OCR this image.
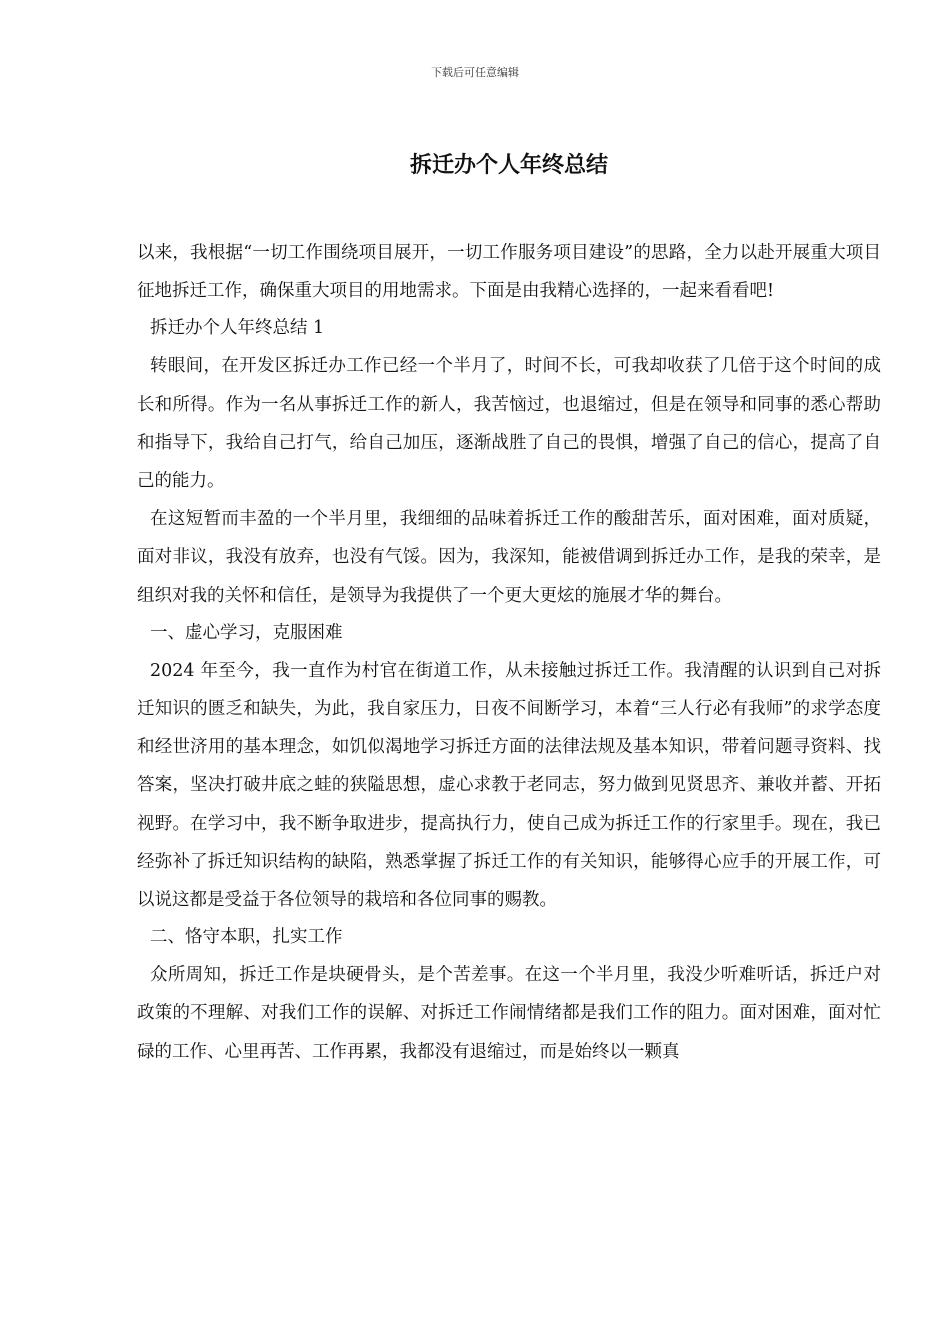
下载后可任意编辑
拆迁办个人年终总结

以来，我根据“一切工作围绕项目展开，一切工作服务项目建设”的思路，全力以赴开展重大项目征地拆迁工作，确保重大项目的用地需求。下面是由我精心选择的，一起来看看吧!

拆迁办个人年终总结 1

转眼间，在开发区拆迁办工作已经一个半月了，时间不长，可我却收获了几倍于这个时间的成长和所得。作为一名从事拆迁工作的新人，我苦恼过，也退缩过，但是在领导和同事的悉心帮助和指导下，我给自己打气，给自己加压，逐渐战胜了自己的畏惧，增强了自己的信心，提高了自己的能力。

在这短暂而丰盈的一个半月里，我细细的品味着拆迁工作的酸甜苦乐，面对困难，面对质疑，面对非议，我没有放弃，也没有气馁。因为，我深知，能被借调到拆迁办工作，是我的荣幸，是组织对我的关怀和信任，是领导为我提供了一个更大更炫的施展才华的舞台。

一、虚心学习，克服困难

2024 年至今，我一直作为村官在街道工作，从未接触过拆迁工作。我清醒的认识到自己对拆迁知识的匮乏和缺失，为此，我自家压力，日夜不间断学习，本着“三人行必有我师”的求学态度和经世济用的基本理念，如饥似渴地学习拆迁方面的法律法规及基本知识，带着问题寻资料、找答案，坚决打破井底之蛙的狭隘思想，虚心求教于老同志，努力做到见贤思齐、兼收并蓄、开拓视野。在学习中，我不断争取进步，提高执行力，使自己成为拆迁工作的行家里手。现在，我已经弥补了拆迁知识结构的缺陷，熟悉掌握了拆迁工作的有关知识，能够得心应手的开展工作，可以说这都是受益于各位领导的栽培和各位同事的赐教。

二、恪守本职，扎实工作

众所周知，拆迁工作是块硬骨头，是个苦差事。在这一个半月里，我没少听难听话，拆迁户对政策的不理解、对我们工作的误解、对拆迁工作闹情绪都是我们工作的阻力。面对困难，面对忙碌的工作、心里再苦、工作再累，我都没有退缩过，而是始终以一颗真
